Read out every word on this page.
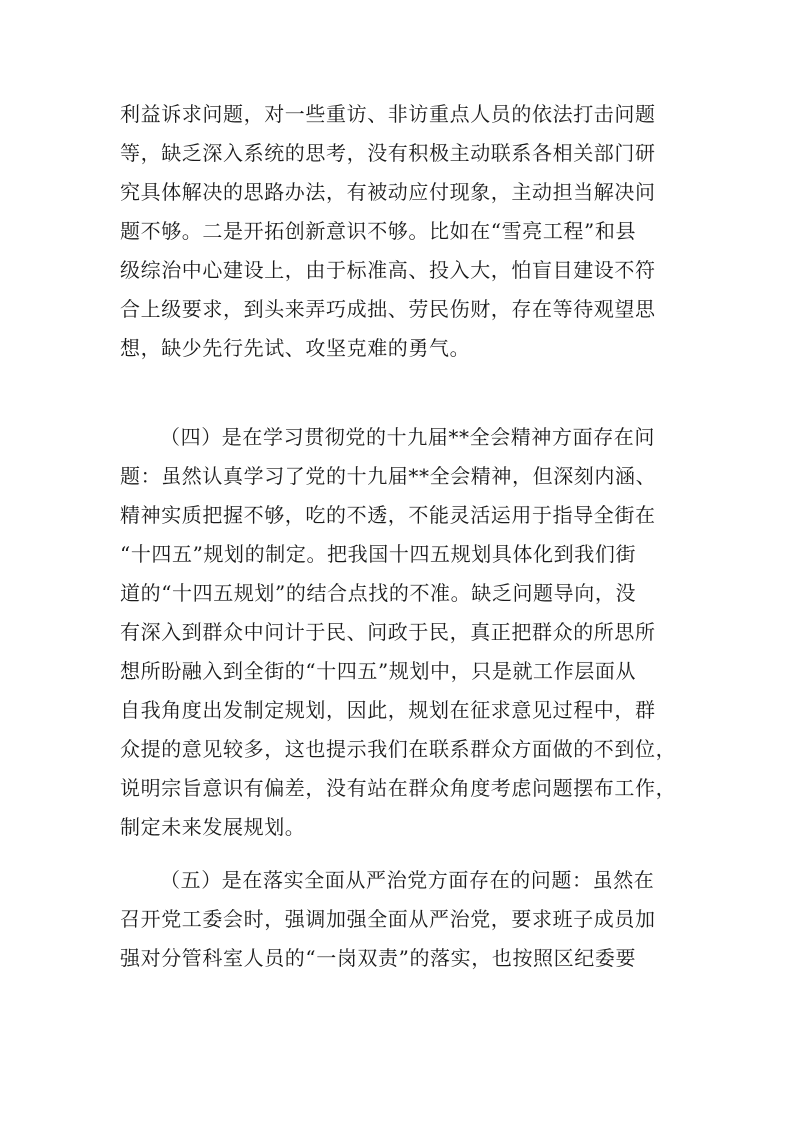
利益诉求问题，对一些重访、非访重点人员的依法打击问题
等，缺乏深入系统的思考，没有积极主动联系各相关部门研
究具体解决的思路办法，有被动应付现象，主动担当解决问
题不够。二是开拓创新意识不够。比如在“雪亮工程”和县
级综治中心建设上，由于标准高、投入大，怕盲目建设不符
合上级要求，到头来弄巧成拙、劳民伤财，存在等待观望思
想，缺少先行先试、攻坚克难的勇气。
（四）是在学习贯彻党的十九届**全会精神方面存在问
题：虽然认真学习了党的十九届**全会精神，但深刻内涵、
精神实质把握不够，吃的不透，不能灵活运用于指导全街在
“十四五”规划的制定。把我国十四五规划具体化到我们街
道的“十四五规划”的结合点找的不准。缺乏问题导向，没
有深入到群众中问计于民、问政于民，真正把群众的所思所
想所盼融入到全街的“十四五”规划中，只是就工作层面从
自我角度出发制定规划，因此，规划在征求意见过程中，群
众提的意见较多，这也提示我们在联系群众方面做的不到位，
说明宗旨意识有偏差，没有站在群众角度考虑问题摆布工作，
制定未来发展规划。
（五）是在落实全面从严治党方面存在的问题：虽然在
召开党工委会时，强调加强全面从严治党，要求班子成员加
强对分管科室人员的“一岗双责”的落实，也按照区纪委要
